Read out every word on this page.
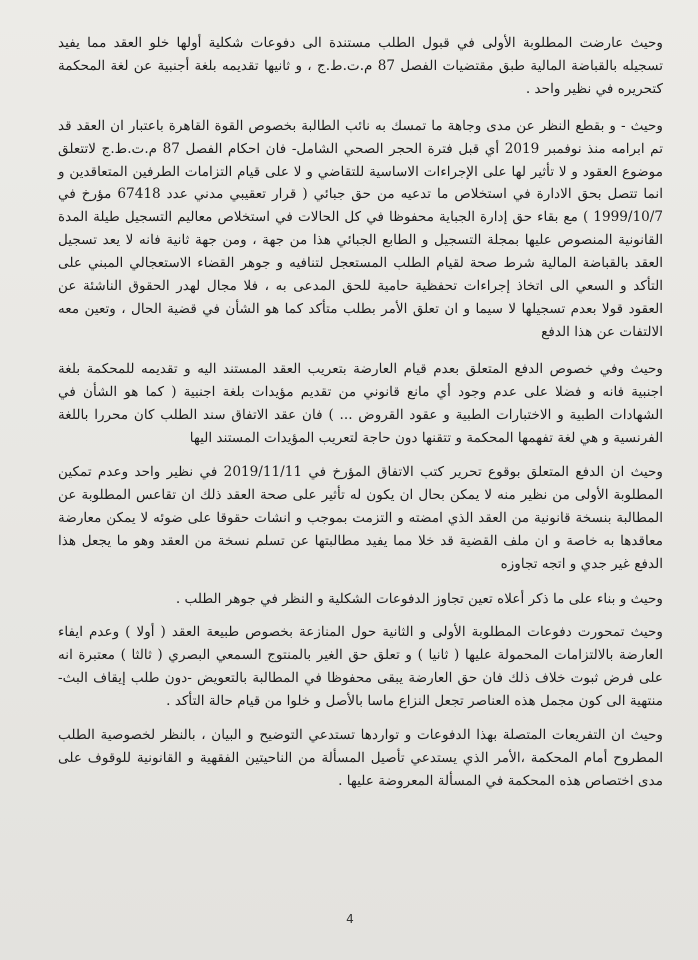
وحيث عارضت المطلوبة الأولى في قبول الطلب مستندة الى دفوعات شكلية أولها خلو العقد مما يفيد تسجيله بالقباضة المالية طبق مقتضيات الفصل 87 م.ت.ط.ج ، و ثانيها تقديمه بلغة أجنبية عن لغة المحكمة كتحريره في نظير واحد .

وحيث - و بقطع النظر عن مدى وجاهة ما تمسك به نائب الطالبة بخصوص القوة القاهرة باعتبار ان العقد قد تم ابرامه منذ نوفمبر 2019 أي قبل فترة الحجر الصحي الشامل- فان احكام الفصل 87 م.ت.ط.ج لاتتعلق موضوع العقود و لا تأثير لها على الإجراءات الاساسية للتقاضي و لا على قيام التزامات الطرفين المتعاقدين و انما تتصل بحق الادارة في استخلاص ما تدعيه من حق جبائي ( قرار تعقيبي مدني عدد 67418 مؤرخ في 1999/10/7 ) مع بقاء حق إدارة الجباية محفوظا في كل الحالات في استخلاص معاليم التسجيل طيلة المدة القانونية المنصوص عليها بمجلة التسجيل و الطابع الجبائي هذا من جهة ، ومن جهة ثانية فانه لا يعد تسجيل العقد بالقباضة المالية شرط صحة لقيام الطلب المستعجل لتنافيه و جوهر القضاء الاستعجالي المبني على التأكد و السعي الى اتخاذ إجراءات تحفظية حامية للحق المدعى به ، فلا مجال لهدر الحقوق الناشئة عن العقود قولا بعدم تسجيلها لا سيما و ان تعلق الأمر بطلب متأكد كما هو الشأن في قضية الحال ، وتعين معه الالتفات عن هذا الدفع

وحيث وفي خصوص الدفع المتعلق بعدم قيام العارضة بتعريب العقد المستند اليه و تقديمه للمحكمة بلغة اجنبية فانه و فضلا على عدم وجود أي مانع قانوني من تقديم مؤيدات بلغة اجنبية ( كما هو الشأن في الشهادات الطبية و الاختبارات الطبية و عقود القروض ... ) فان عقد الاتفاق سند الطلب كان محررا باللغة الفرنسية و هي لغة تفهمها المحكمة و تتقنها دون حاجة لتعريب المؤيدات المستند اليها

وحيث ان الدفع المتعلق بوقوع تحرير كتب الاتفاق المؤرخ في 2019/11/11 في نظير واحد وعدم تمكين المطلوبة الأولى من نظير منه لا يمكن بحال ان يكون له تأثير على صحة العقد ذلك ان تقاعس المطلوبة عن المطالبة بنسخة قانونية من العقد الذي امضته و التزمت بموجب و انشات حقوقا على ضوئه لا يمكن معارضة معاقدها به خاصة و ان ملف القضية قد خلا مما يفيد مطالبتها عن تسلم نسخة من العقد وهو ما يجعل هذا الدفع غير جدي و اتجه تجاوزه

وحيث و بناء على ما ذكر أعلاه تعين تجاوز الدفوعات الشكلية و النظر في جوهر الطلب .

وحيث تمحورت دفوعات المطلوبة الأولى و الثانية حول المنازعة بخصوص طبيعة العقد ( أولا ) وعدم ايفاء العارضة بالالتزامات المحمولة عليها ( ثانيا ) و تعلق حق الغير بالمنتوج السمعي البصري ( ثالثا ) معتبرة انه على فرض ثبوت خلاف ذلك فان حق العارضة يبقى محفوظا في المطالبة بالتعويض -دون طلب إيقاف البث- منتهية الى كون مجمل هذه العناصر تجعل النزاع ماسا بالأصل و خلوا من قيام حالة التأكد .

وحيث ان التفريعات المتصلة بهذا الدفوعات و تواردها تستدعي التوضيح و البيان ، بالنظر لخصوصية الطلب المطروح أمام المحكمة ،الأمر الذي يستدعي تأصيل المسألة من الناحيتين الفقهية و القانونية للوقوف على مدى اختصاص هذه المحكمة في المسألة المعروضة عليها .

4
